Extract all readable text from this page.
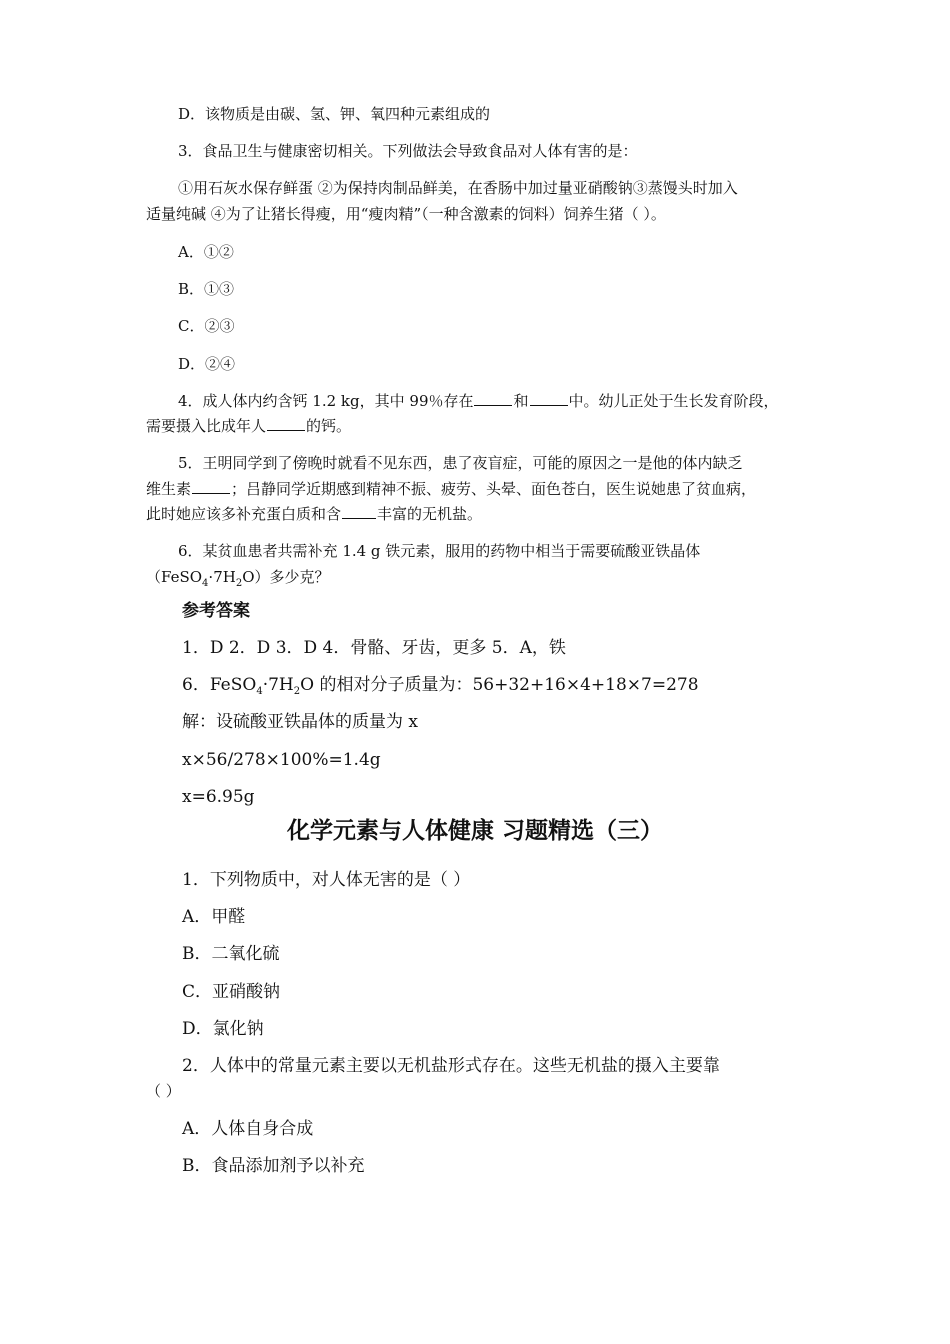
D．该物质是由碳、氢、钾、氧四种元素组成的
3．食品卫生与健康密切相关。下列做法会导致食品对人体有害的是：
①用石灰水保存鲜蛋 ②为保持肉制品鲜美，在香肠中加过量亚硝酸钠③蒸馒头时加入
适量纯碱 ④为了让猪长得瘦，用“瘦肉精”（一种含激素的饲料）饲养生猪（ ）。
A．①②
B．①③
C．②③
D．②④
4．成人体内约含钙 1.2 kg，其中 99％存在	和	中。幼儿正处于生长发育阶段，
需要摄入比成年人	的钙。
5．王明同学到了傍晚时就看不见东西，患了夜盲症，可能的原因之一是他的体内缺乏
维生素	；吕静同学近期感到精神不振、疲劳、头晕、面色苍白，医生说她患了贫血病，
此时她应该多补充蛋白质和含 丰富的无机盐。
6．某贫血患者共需补充 1.4 g 铁元素，服用的药物中相当于需要硫酸亚铁晶体
$(FeSO_4\cdot 7H_2O)$多少克？
参考答案
1．D 2．D 3．D 4．骨骼、牙齿，更多 5．A，铁
6．$FeSO_4\cdot 7H_2O$ 的相对分子质量为：56+32+16×4+18×7=278
解：设硫酸亚铁晶体的质量为 x
x×56/278×100%=1.4g
x=6.95g
化学元素与人体健康 习题精选（三）
1．下列物质中，对人体无害的是（ ）
A．甲醛
B．二氧化硫
C．亚硝酸钠
D．氯化钠
2．人体中的常量元素主要以无机盐形式存在。这些无机盐的摄入主要靠
（ ）
A．人体自身合成
B．食品添加剂予以补充
